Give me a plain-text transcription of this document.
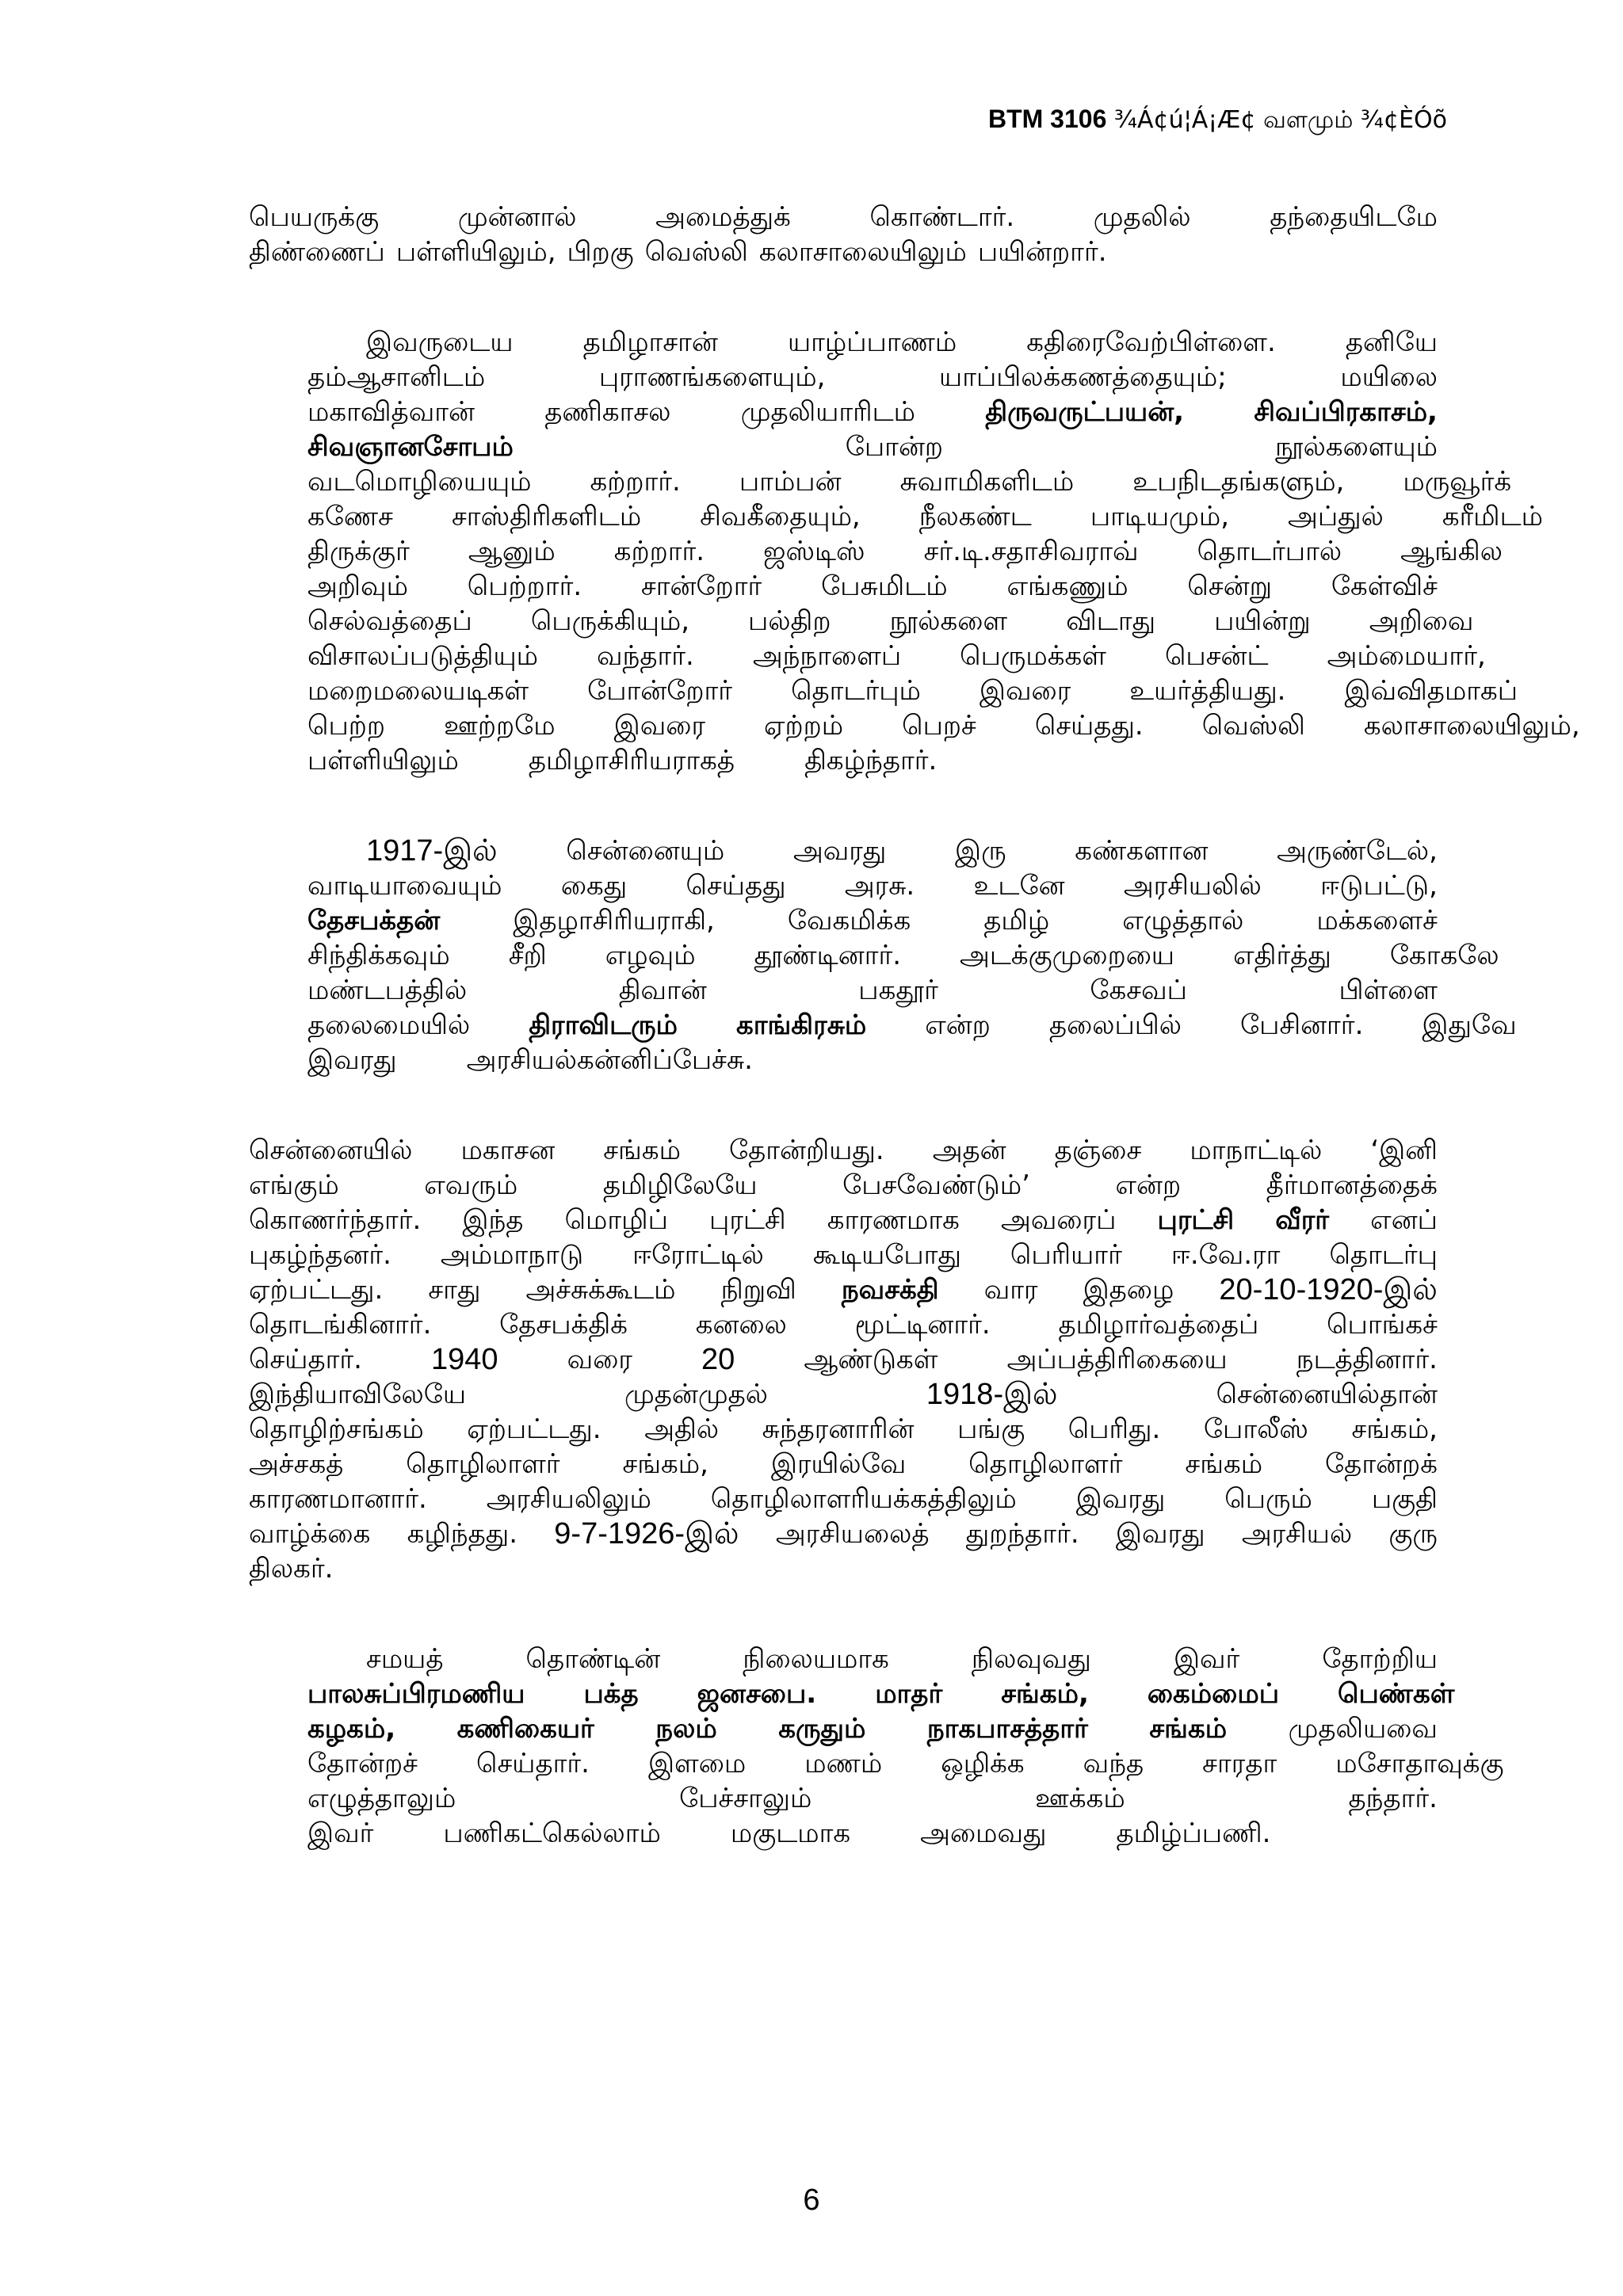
BTM 3106 ¾Á¢ú¦Á¡Æ¢ வளமும் ¾¢ÈÓõ
பெயருக்கு	முன்னால்	அமைத்துக்	கொண்டார்.	முதலில்	தந்தையிடமே
திண்ணைப் பள்ளியிலும், பிறகு வெஸ்லி கலாசாலையிலும் பயின்றார்.
இவருடைய	தமிழாசான்	யாழ்ப்பாணம்	கதிரைவேற்பிள்ளை.	தனியே
தம்ஆசானிடம்	புராணங்களையும்,	யாப்பிலக்கணத்தையும்;	மயிலை
மகாவித்வான்	தணிகாசல	முதலியாரிடம்	திருவருட்பயன்,	சிவப்பிரகாசம்,
சிவஞானசோபம்	போன்ற	நூல்களையும்
வடமொழியையும்	கற்றார்.	பாம்பன்	சுவாமிகளிடம்	உபநிடதங்களும்,	மருவூர்க்
கணேச	சாஸ்திரிகளிடம்	சிவகீதையும்,	நீலகண்ட	பாடியமும்,	அப்துல்	கரீமிடம்
திருக்குர்	ஆனும்	கற்றார்.	ஜஸ்டிஸ்	சர்.டி.சதாசிவராவ்	தொடர்பால்	ஆங்கில
அறிவும்	பெற்றார்.	சான்றோர்	பேசுமிடம்	எங்கணும்	சென்று	கேள்விச்
செல்வத்தைப்	பெருக்கியும்,	பல்திற	நூல்களை	விடாது	பயின்று	அறிவை
விசாலப்படுத்தியும்	வந்தார்.	அந்நாளைப்	பெருமக்கள்	பெசன்ட்	அம்மையார்,
மறைமலையடிகள்	போன்றோர்	தொடர்பும்	இவரை	உயர்த்தியது.	இவ்விதமாகப்
பெற்ற	ஊற்றமே	இவரை	ஏற்றம்	பெறச்	செய்தது.	வெஸ்லி	கலாசாலையிலும்,
பள்ளியிலும்	தமிழாசிரியராகத்	திகழ்ந்தார்.
1917-இல்	சென்னையும்	அவரது	இரு	கண்களான	அருண்டேல்,
வாடியாவையும்	கைது	செய்தது	அரசு.	உடனே	அரசியலில்	ஈடுபட்டு,
தேசபக்தன்	இதழாசிரியராகி,	வேகமிக்க	தமிழ்	எழுத்தால்	மக்களைச்
சிந்திக்கவும்	சீறி	எழவும்	தூண்டினார்.	அடக்குமுறையை	எதிர்த்து	கோகலே
மண்டபத்தில்	திவான்	பகதூர்	கேசவப்	பிள்ளை
தலைமையில்	திராவிடரும்	காங்கிரசும்	என்ற	தலைப்பில்	பேசினார்.	இதுவே
இவரது	அரசியல்கன்னிப்பேச்சு.
சென்னையில் மகாசன சங்கம் தோன்றியது. அதன் தஞ்சை மாநாட்டில் ‘இனி
எங்கும்	எவரும்	தமிழிலேயே	பேசவேண்டும்’	என்ற	தீர்மானத்தைக்
கொணர்ந்தார். இந்த மொழிப் புரட்சி காரணமாக அவரைப் புரட்சி வீரர் எனப்
புகழ்ந்தனர். அம்மாநாடு ஈரோட்டில் கூடியபோது பெரியார் ஈ.வே.ரா தொடர்பு
ஏற்பட்டது. சாது அச்சுக்கூடம் நிறுவி நவசக்தி வார இதழை 20-10-1920-இல்
தொடங்கினார்.	தேசபக்திக்	கனலை	மூட்டினார்.	தமிழார்வத்தைப்	பொங்கச்
செய்தார். 1940	வரை 20	ஆண்டுகள்	அப்பத்திரிகையை	நடத்தினார்.
இந்தியாவிலேயே	முதன்முதல்	1918-இல்	சென்னையில்தான்
தொழிற்சங்கம் ஏற்பட்டது. அதில் சுந்தரனாரின் பங்கு பெரிது. போலீஸ் சங்கம்,
அச்சகத் தொழிலாளர் சங்கம், இரயில்வே தொழிலாளர் சங்கம் தோன்றக்
காரணமானார். அரசியலிலும் தொழிலாளரியக்கத்திலும் இவரது பெரும் பகுதி
வாழ்க்கை கழிந்தது. 9-7-1926-இல் அரசியலைத் துறந்தார். இவரது அரசியல் குரு
திலகர்.
சமயத்	தொண்டின்	நிலையமாக	நிலவுவது	இவர்	தோற்றிய
பாலசுப்பிரமணிய	பக்த	ஜனசபை.	மாதர்	சங்கம்,	கைம்மைப்	பெண்கள்
கழகம்,	கணிகையர்	நலம்	கருதும்	நாகபாசத்தார்	சங்கம்	முதலியவை
தோன்றச்	செய்தார்.	இளமை	மணம்	ஒழிக்க	வந்த	சாரதா	மசோதாவுக்கு
எழுத்தாலும்	பேச்சாலும்	ஊக்கம்	தந்தார்.
இவர்	பணிகட்கெல்லாம்	மகுடமாக	அமைவது	தமிழ்ப்பணி.
6
